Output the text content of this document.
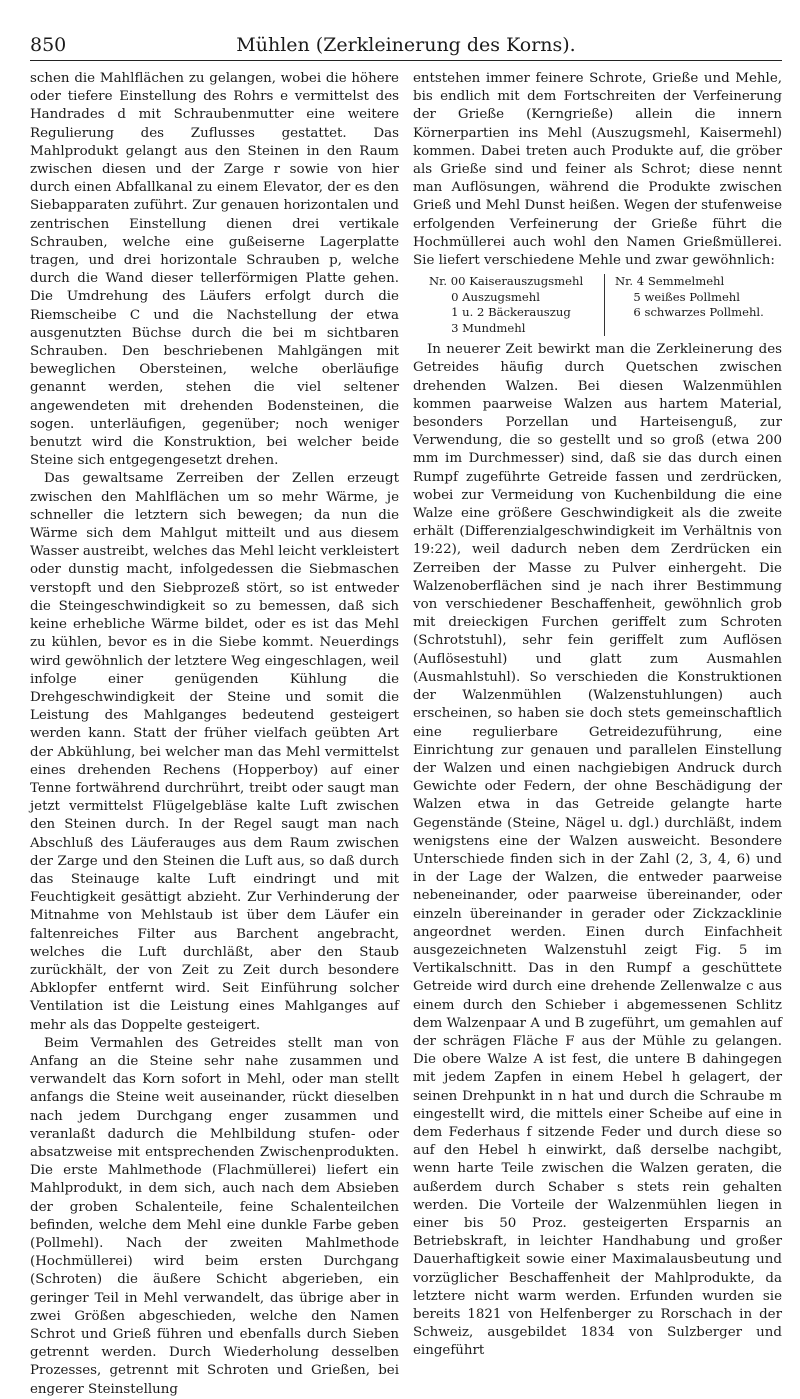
850	Mühlen (Zerkleinerung des Korns).

schen die Mahlflächen zu gelangen, wobei die höhere oder tiefere Einstellung des Rohrs e vermittelst des Handrades d mit Schraubenmutter eine weitere Regulierung des Zuflusses gestattet. Das Mahlprodukt gelangt aus den Steinen in den Raum zwischen diesen und der Zarge r sowie von hier durch einen Abfallkanal zu einem Elevator, der es den Siebapparaten zuführt. Zur genauen horizontalen und zentrischen Einstellung dienen drei vertikale Schrauben, welche eine gußeiserne Lagerplatte tragen, und drei horizontale Schrauben p, welche durch die Wand dieser tellerförmigen Platte gehen. Die Umdrehung des Läufers erfolgt durch die Riemscheibe C und die Nachstellung der etwa ausgenutzten Büchse durch die bei m sichtbaren Schrauben. Den beschriebenen Mahlgängen mit beweglichen Obersteinen, welche oberläufige genannt werden, stehen die viel seltener angewendeten mit drehenden Bodensteinen, die sogen. unterläufigen, gegenüber; noch weniger benutzt wird die Konstruktion, bei welcher beide Steine sich entgegengesetzt drehen.

Das gewaltsame Zerreiben der Zellen erzeugt zwischen den Mahlflächen um so mehr Wärme, je schneller die letztern sich bewegen; da nun die Wärme sich dem Mahlgut mitteilt und aus diesem Wasser austreibt, welches das Mehl leicht verkleistert oder dunstig macht, infolgedessen die Siebmaschen verstopft und den Siebprozeß stört, so ist entweder die Steingeschwindigkeit so zu bemessen, daß sich keine erhebliche Wärme bildet, oder es ist das Mehl zu kühlen, bevor es in die Siebe kommt. Neuerdings wird gewöhnlich der letztere Weg eingeschlagen, weil infolge einer genügenden Kühlung die Drehgeschwindigkeit der Steine und somit die Leistung des Mahlganges bedeutend gesteigert werden kann. Statt der früher vielfach geübten Art der Abkühlung, bei welcher man das Mehl vermittelst eines drehenden Rechens (Hopperboy) auf einer Tenne fortwährend durchrührt, treibt oder saugt man jetzt vermittelst Flügelgebläse kalte Luft zwischen den Steinen durch. In der Regel saugt man nach Abschluß des Läuferauges aus dem Raum zwischen der Zarge und den Steinen die Luft aus, so daß durch das Steinauge kalte Luft eindringt und mit Feuchtigkeit gesättigt abzieht. Zur Verhinderung der Mitnahme von Mehlstaub ist über dem Läufer ein faltenreiches Filter aus Barchent angebracht, welches die Luft durchläßt, aber den Staub zurückhält, der von Zeit zu Zeit durch besondere Abklopfer entfernt wird. Seit Einführung solcher Ventilation ist die Leistung eines Mahlganges auf mehr als das Doppelte gesteigert.

Beim Vermahlen des Getreides stellt man von Anfang an die Steine sehr nahe zusammen und verwandelt das Korn sofort in Mehl, oder man stellt anfangs die Steine weit auseinander, rückt dieselben nach jedem Durchgang enger zusammen und veranlaßt dadurch die Mehlbildung stufen- oder absatzweise mit entsprechenden Zwischenprodukten. Die erste Mahlmethode (Flachmüllerei) liefert ein Mahlprodukt, in dem sich, auch nach dem Absieben der groben Schalenteile, feine Schalenteilchen befinden, welche dem Mehl eine dunkle Farbe geben (Pollmehl). Nach der zweiten Mahlmethode (Hochmüllerei) wird beim ersten Durchgang (Schroten) die äußere Schicht abgerieben, ein geringer Teil in Mehl verwandelt, das übrige aber in zwei Größen abgeschieden, welche den Namen Schrot und Grieß führen und ebenfalls durch Sieben getrennt werden. Durch Wiederholung desselben Prozesses, getrennt mit Schroten und Grießen, bei engerer Steinstellung

entstehen immer feinere Schrote, Grieße und Mehle, bis endlich mit dem Fortschreiten der Verfeinerung der Grieße (Kerngrieße) allein die innern Körnerpartien ins Mehl (Auszugsmehl, Kaisermehl) kommen. Dabei treten auch Produkte auf, die gröber als Grieße sind und feiner als Schrot; diese nennt man Auflösungen, während die Produkte zwischen Grieß und Mehl Dunst heißen. Wegen der stufenweise erfolgenden Verfeinerung der Grieße führt die Hochmüllerei auch wohl den Namen Grießmüllerei. Sie liefert verschiedene Mehle und zwar gewöhnlich:

Nr. 00 Kaiserauszugsmehl
0 Auszugsmehl
1 u. 2 Bäckerauszug
3 Mundmehl
Nr. 4 Semmelmehl
5 weißes Pollmehl
6 schwarzes Pollmehl.

In neuerer Zeit bewirkt man die Zerkleinerung des Getreides häufig durch Quetschen zwischen drehenden Walzen. Bei diesen Walzenmühlen kommen paarweise Walzen aus hartem Material, besonders Porzellan und Harteisenguß, zur Verwendung, die so gestellt und so groß (etwa 200 mm im Durchmesser) sind, daß sie das durch einen Rumpf zugeführte Getreide fassen und zerdrücken, wobei zur Vermeidung von Kuchenbildung die eine Walze eine größere Geschwindigkeit als die zweite erhält (Differenzialgeschwindigkeit im Verhältnis von 19:22), weil dadurch neben dem Zerdrücken ein Zerreiben der Masse zu Pulver einhergeht. Die Walzenoberflächen sind je nach ihrer Bestimmung von verschiedener Beschaffenheit, gewöhnlich grob mit dreieckigen Furchen geriffelt zum Schroten (Schrotstuhl), sehr fein geriffelt zum Auflösen (Auflösestuhl) und glatt zum Ausmahlen (Ausmahlstuhl). So verschieden die Konstruktionen der Walzenmühlen (Walzenstuhlungen) auch erscheinen, so haben sie doch stets gemeinschaftlich eine regulierbare Getreidezuführung, eine Einrichtung zur genauen und parallelen Einstellung der Walzen und einen nachgiebigen Andruck durch Gewichte oder Federn, der ohne Beschädigung der Walzen etwa in das Getreide gelangte harte Gegenstände (Steine, Nägel u. dgl.) durchläßt, indem wenigstens eine der Walzen ausweicht. Besondere Unterschiede finden sich in der Zahl (2, 3, 4, 6) und in der Lage der Walzen, die entweder paarweise nebeneinander, oder paarweise übereinander, oder einzeln übereinander in gerader oder Zickzacklinie angeordnet werden. Einen durch Einfachheit ausgezeichneten Walzenstuhl zeigt Fig. 5 im Vertikalschnitt. Das in den Rumpf a geschüttete Getreide wird durch eine drehende Zellenwalze c aus einem durch den Schieber i abgemessenen Schlitz dem Walzenpaar A und B zugeführt, um gemahlen auf der schrägen Fläche F aus der Mühle zu gelangen. Die obere Walze A ist fest, die untere B dahingegen mit jedem Zapfen in einem Hebel h gelagert, der seinen Drehpunkt in n hat und durch die Schraube m eingestellt wird, die mittels einer Scheibe auf eine in dem Federhaus f sitzende Feder und durch diese so auf den Hebel h einwirkt, daß derselbe nachgibt, wenn harte Teile zwischen die Walzen geraten, die außerdem durch Schaber s stets rein gehalten werden. Die Vorteile der Walzenmühlen liegen in einer bis 50 Proz. gesteigerten Ersparnis an Betriebskraft, in leichter Handhabung und großer Dauerhaftigkeit sowie einer Maximalausbeutung und vorzüglicher Beschaffenheit der Mahlprodukte, da letztere nicht warm werden. Erfunden wurden sie bereits 1821 von Helfenberger zu Rorschach in der Schweiz, ausgebildet 1834 von Sulzberger und eingeführt
